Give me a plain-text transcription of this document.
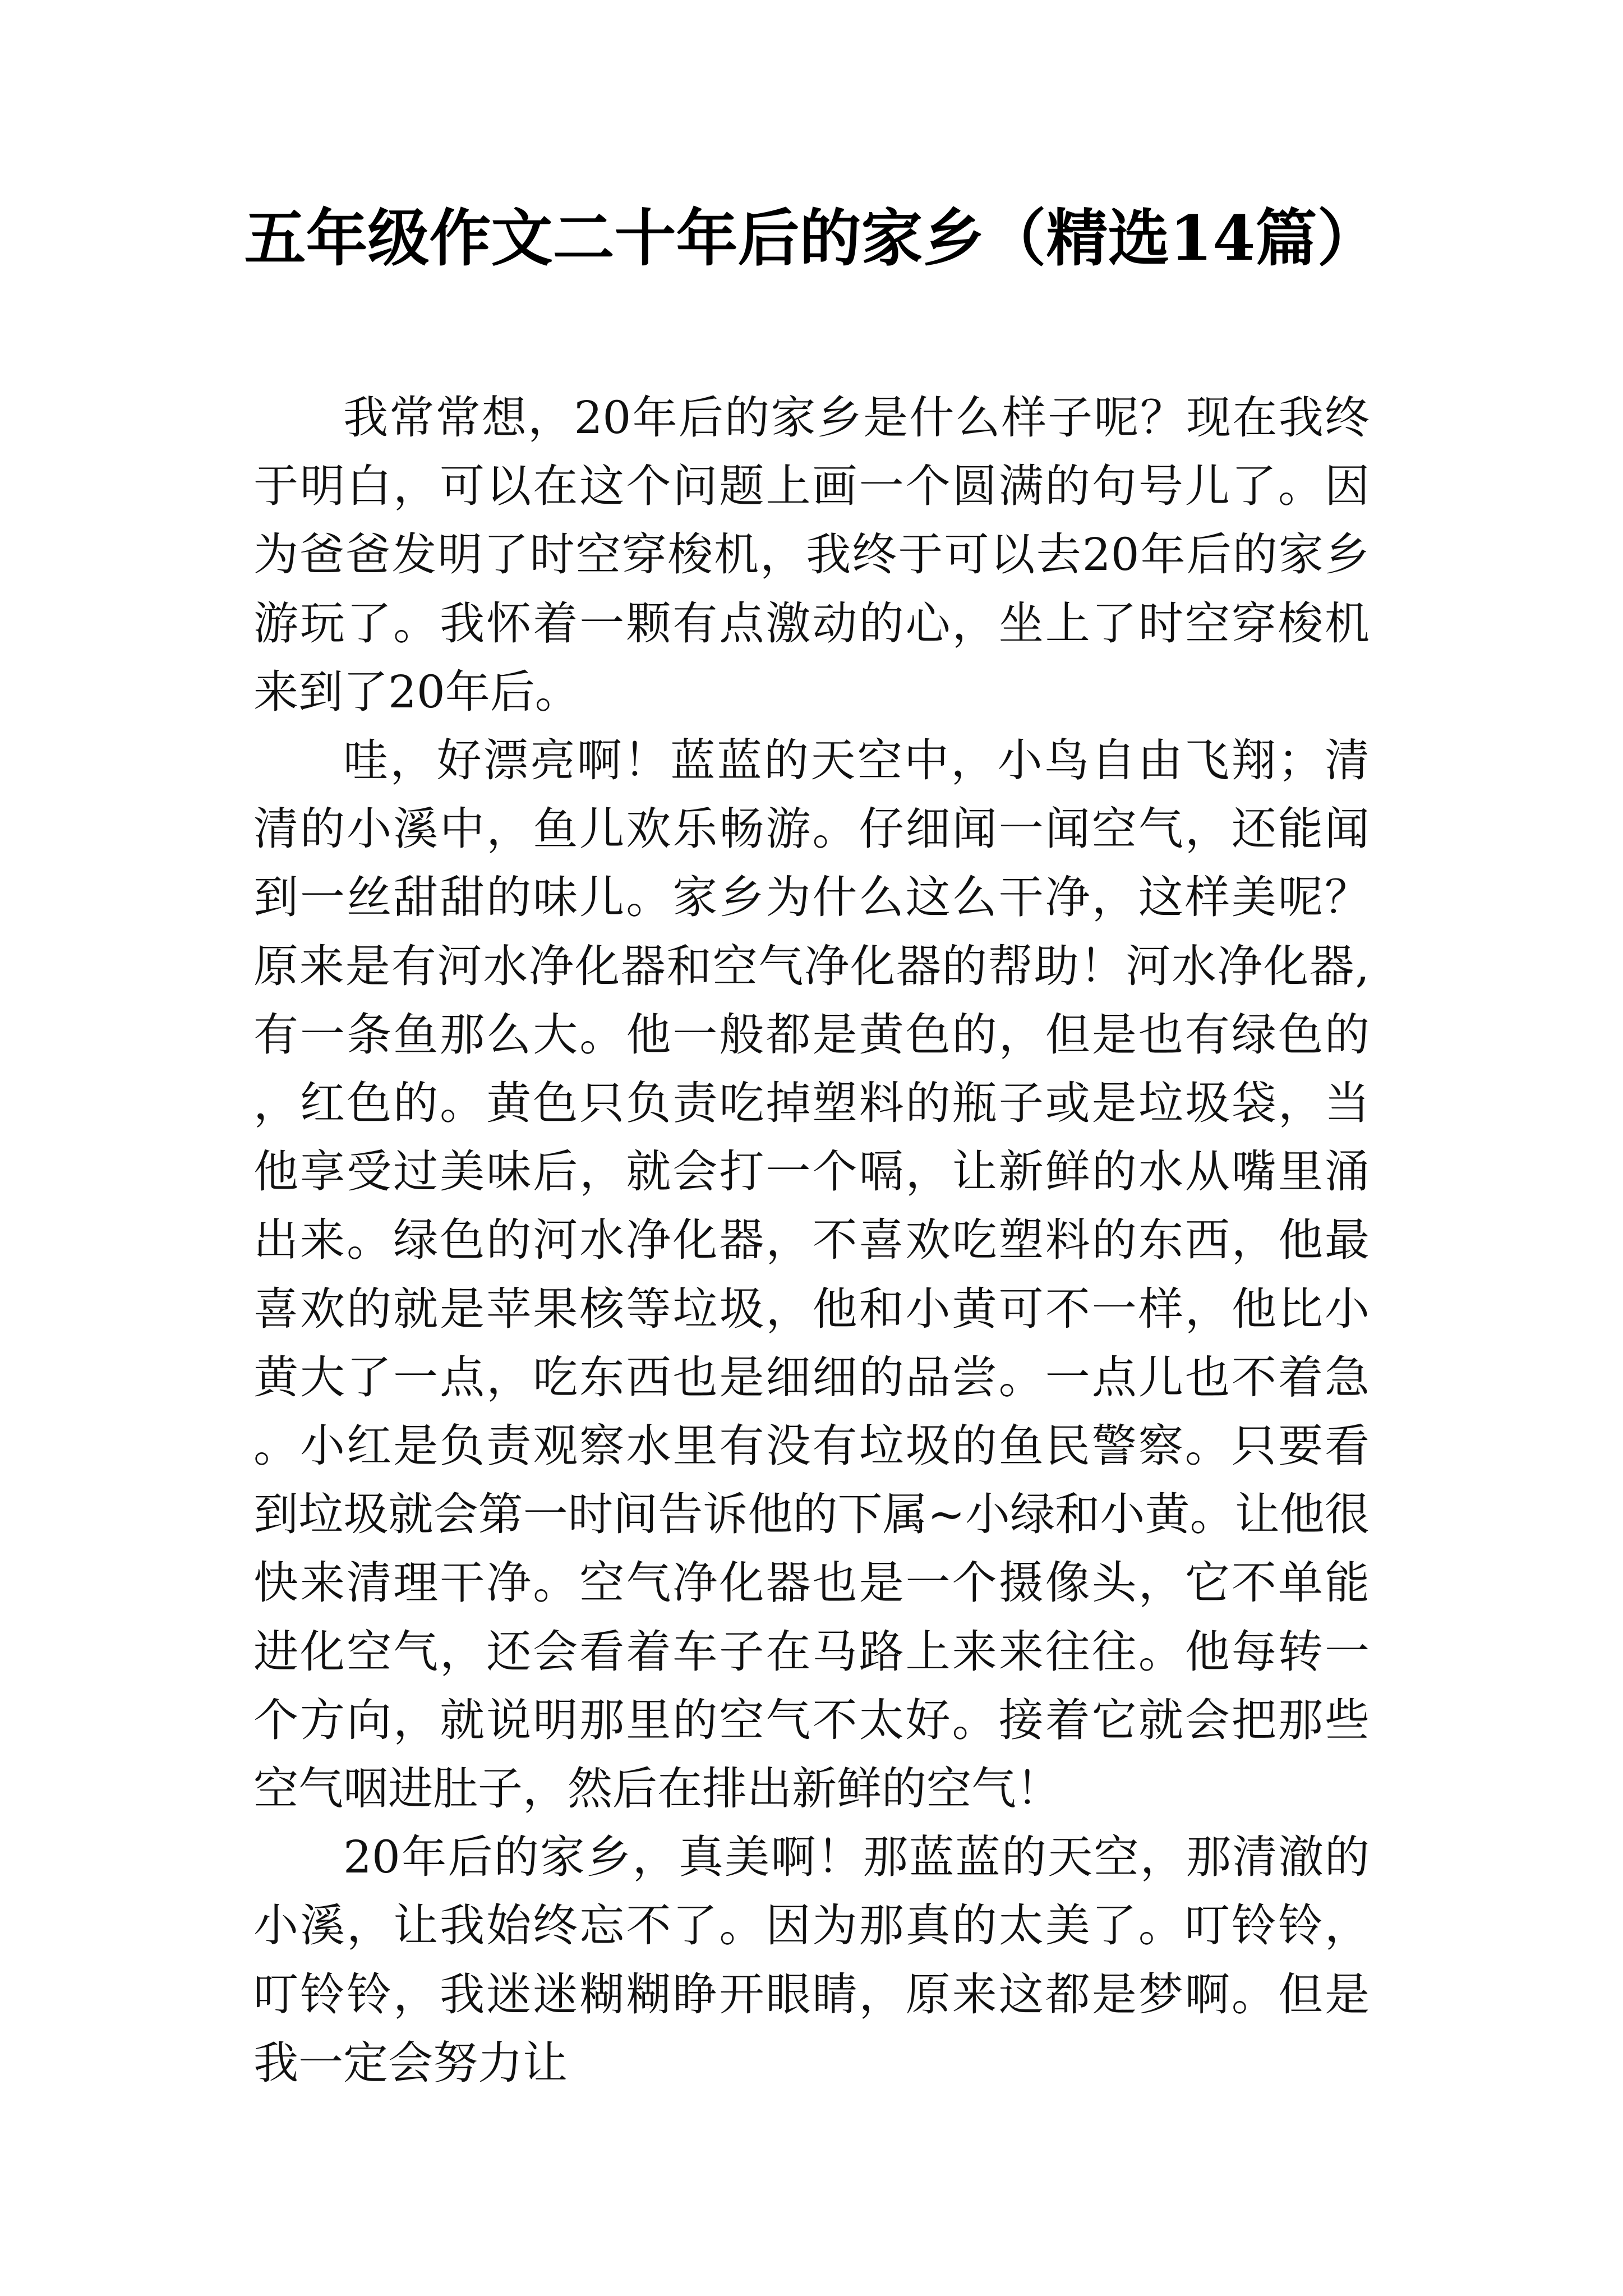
五年级作文二十年后的家乡（精选14篇）

我常常想，20年后的家乡是什么样子呢？现在我终于明白，可以在这个问题上画一个圆满的句号儿了。因为爸爸发明了时空穿梭机，我终于可以去20年后的家乡游玩了。我怀着一颗有点激动的心，坐上了时空穿梭机来到了20年后。

哇，好漂亮啊！蓝蓝的天空中，小鸟自由飞翔；清清的小溪中，鱼儿欢乐畅游。仔细闻一闻空气，还能闻到一丝甜甜的味儿。家乡为什么这么干净，这样美呢？原来是有河水净化器和空气净化器的帮助！河水净化器,有一条鱼那么大。他一般都是黄色的，但是也有绿色的，红色的。黄色只负责吃掉塑料的瓶子或是垃圾袋，当他享受过美味后，就会打一个嗝，让新鲜的水从嘴里涌出来。绿色的河水净化器，不喜欢吃塑料的东西，他最喜欢的就是苹果核等垃圾，他和小黄可不一样，他比小黄大了一点，吃东西也是细细的品尝。一点儿也不着急。小红是负责观察水里有没有垃圾的鱼民警察。只要看到垃圾就会第一时间告诉他的下属~小绿和小黄。让他很快来清理干净。空气净化器也是一个摄像头，它不单能进化空气，还会看着车子在马路上来来往往。他每转一个方向，就说明那里的空气不太好。接着它就会把那些空气咽进肚子，然后在排出新鲜的空气！

20年后的家乡，真美啊！那蓝蓝的天空，那清澈的小溪，让我始终忘不了。因为那真的太美了。叮铃铃，叮铃铃，我迷迷糊糊睁开眼睛，原来这都是梦啊。但是我一定会努力让
